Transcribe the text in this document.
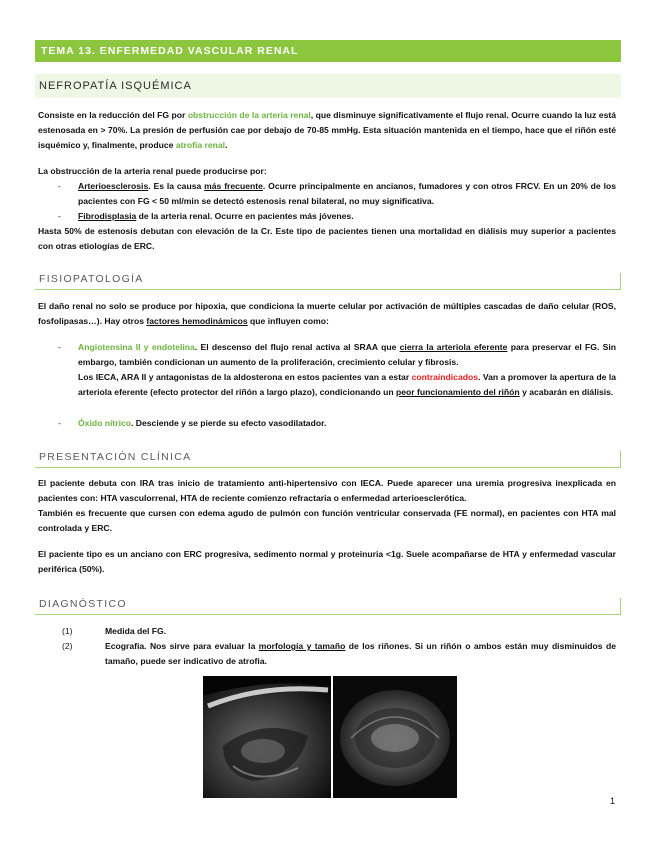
TEMA 13. ENFERMEDAD VASCULAR RENAL
NEFROPATÍA ISQUÉMICA

Consiste en la reducción del FG por obstrucción de la arteria renal, que disminuye significativamente el flujo renal. Ocurre cuando la luz está estenosada en > 70%. La presión de perfusión cae por debajo de 70-85 mmHg. Esta situación mantenida en el tiempo, hace que el riñón esté isquémico y, finalmente, produce atrofia renal.

La obstrucción de la arteria renal puede producirse por:

- Arterioesclerosis. Es la causa más frecuente. Ocurre principalmente en ancianos, fumadores y con otros FRCV. En un 20% de los pacientes con FG < 50 ml/min se detectó estenosis renal bilateral, no muy significativa.
- Fibrodisplasia de la arteria renal. Ocurre en pacientes más jóvenes.

Hasta 50% de estenosis debutan con elevación de la Cr. Este tipo de pacientes tienen una mortalidad en diálisis muy superior a pacientes con otras etiologías de ERC.

FISIOPATOLOGÍA

El daño renal no solo se produce por hipoxia, que condiciona la muerte celular por activación de múltiples cascadas de daño celular (ROS, fosfolipasas…). Hay otros factores hemodinámicos que influyen como:

- Angiotensina II y endotelina. El descenso del flujo renal activa al SRAA que cierra la arteriola eferente para preservar el FG. Sin embargo, también condicionan un aumento de la proliferación, crecimiento celular y fibrosis.
Los IECA, ARA II y antagonistas de la aldosterona en estos pacientes van a estar contraindicados. Van a promover la apertura de la arteriola eferente (efecto protector del riñón a largo plazo), condicionando un peor funcionamiento del riñón y acabarán en diálisis.
- Óxido nítrico. Desciende y se pierde su efecto vasodilatador.
PRESENTACIÓN CLÍNICA

El paciente debuta con IRA tras inicio de tratamiento anti-hipertensivo con IECA. Puede aparecer una uremia progresiva inexplicada en pacientes con: HTA vasculorrenal, HTA de reciente comienzo refractaria o enfermedad arterioesclerótica.

También es frecuente que cursen con edema agudo de pulmón con función ventricular conservada (FE normal), en pacientes con HTA mal controlada y ERC.

El paciente tipo es un anciano con ERC progresiva, sedimento normal y proteinuria <1g. Suele acompañarse de HTA y enfermedad vascular periférica (50%).

DIAGNÓSTICO
(1)	Medida del FG.
(2)	Ecografía. Nos sirve para evaluar la morfología y tamaño de los riñones. Si un riñón o ambos están muy disminuidos de tamaño, puede ser indicativo de atrofia.
1
